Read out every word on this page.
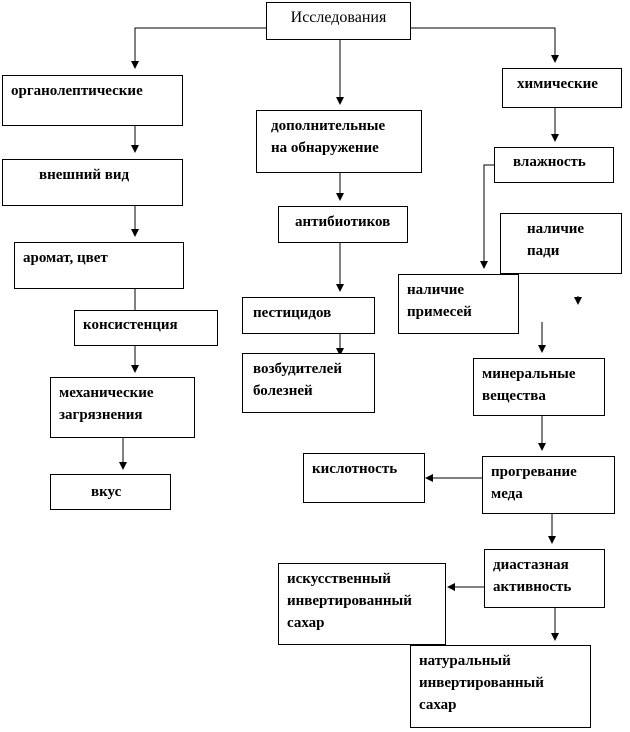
Исследования
органолептические
внешний вид
аромат, цвет
консистенция
механические
загрязнения
вкус
дополнительные
на обнаружение
антибиотиков
пестицидов
возбудителей
болезней
химические
влажность
наличие
пади
наличие
примесей
минеральные
вещества
прогревание
меда
кислотность
диастазная
активность
искусственный
инвертированный
сахар
натуральный
инвертированный
сахар
